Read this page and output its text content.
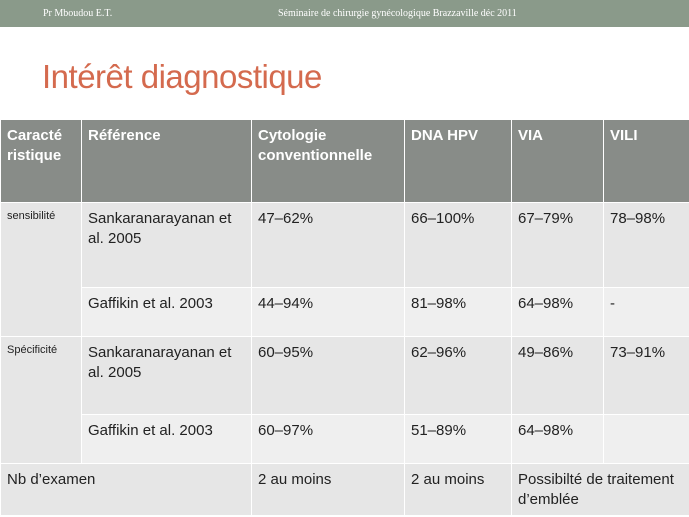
Pr Mboudou E.T.	Séminaire de chirurgie gynécologique Brazzaville déc 2011
Intérêt diagnostique
Caracté ristique	Référence	Cytologie conventionnelle	DNA HPV	VIA	VILI
sensibilité	Sankaranarayanan et al. 2005	47–62%	66–100%	67–79%	78–98%
	Gaffikin et al. 2003	44–94%	81–98%	64–98%	-
Spécificité	Sankaranarayanan et al. 2005	60–95%	62–96%	49–86%	73–91%
	Gaffikin et al. 2003	60–97%	51–89%	64–98%	
Nb d’examen		2 au moins	2 au moins	Possibilté de traitement d’emblée	
